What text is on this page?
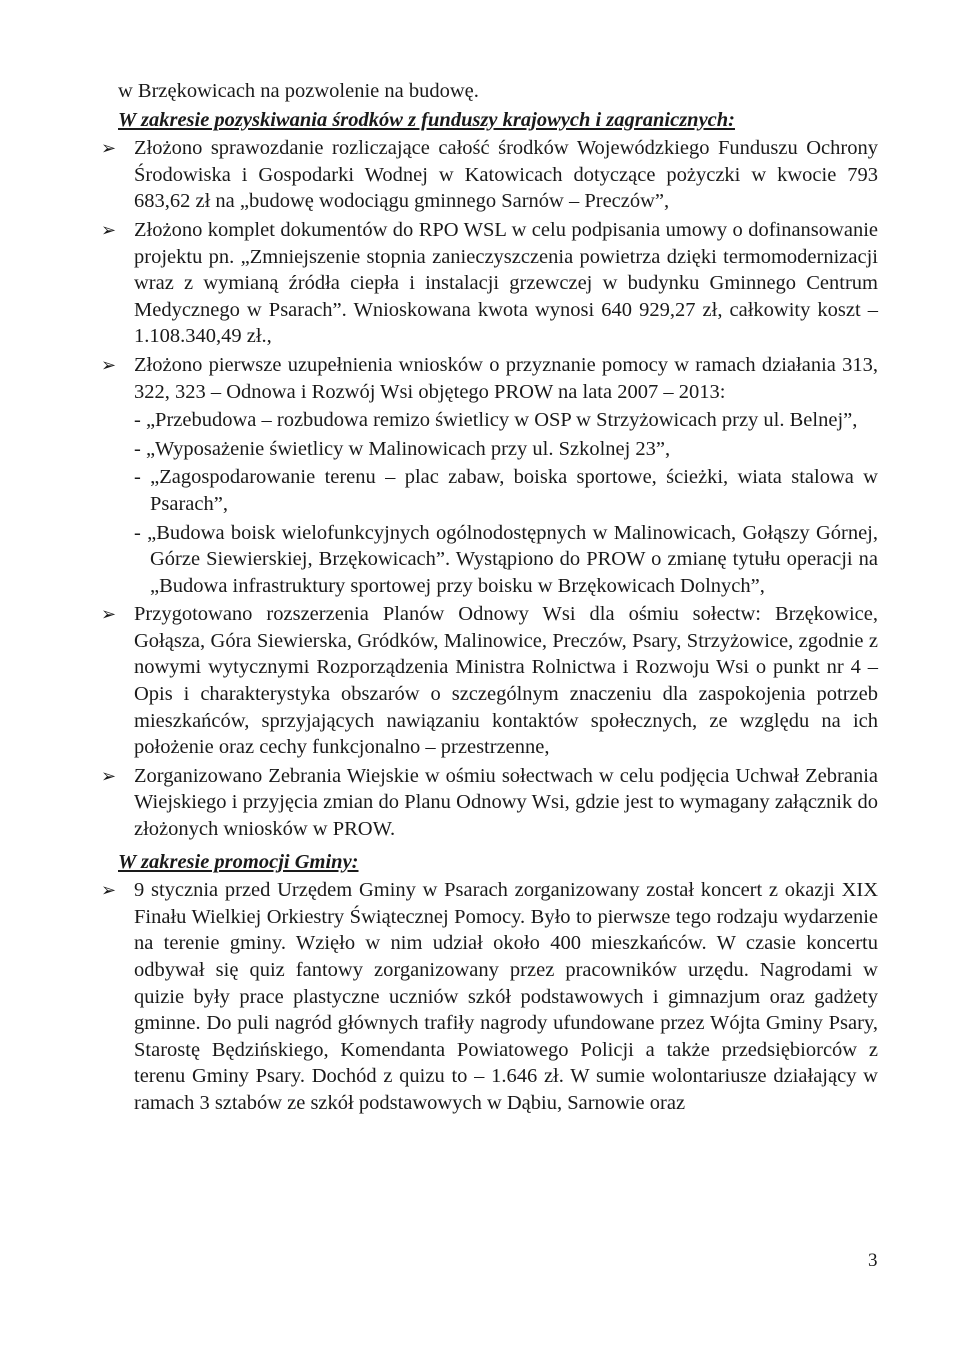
w Brzękowicach na pozwolenie na budowę.

W zakresie pozyskiwania środków z funduszy krajowych i zagranicznych:

➢ Złożono sprawozdanie rozliczające całość środków Wojewódzkiego Funduszu Ochrony Środowiska i Gospodarki Wodnej w Katowicach dotyczące pożyczki w kwocie 793 683,62 zł na „budowę wodociągu gminnego Sarnów – Preczów”,

➢ Złożono komplet dokumentów do RPO WSL w celu podpisania umowy o dofinansowanie projektu pn. „Zmniejszenie stopnia zanieczyszczenia powietrza dzięki termomodernizacji wraz z wymianą źródła ciepła i instalacji grzewczej w budynku Gminnego Centrum Medycznego w Psarach”. Wnioskowana kwota wynosi 640 929,27 zł, całkowity koszt – 1.108.340,49 zł.,

➢ Złożono pierwsze uzupełnienia wniosków o przyznanie pomocy w ramach działania 313, 322, 323 – Odnowa i Rozwój Wsi objętego PROW na lata 2007 – 2013:

- „Przebudowa – rozbudowa remizo świetlicy w OSP w Strzyżowicach przy ul. Belnej”,

- „Wyposażenie świetlicy w Malinowicach przy ul. Szkolnej 23”,

- „Zagospodarowanie terenu – plac zabaw, boiska sportowe, ścieżki, wiata stalowa w Psarach”,

- „Budowa boisk wielofunkcyjnych ogólnodostępnych w Malinowicach, Gołąszy Górnej, Górze Siewierskiej, Brzękowicach”. Wystąpiono do PROW o zmianę tytułu operacji na „Budowa infrastruktury sportowej przy boisku w Brzękowicach Dolnych”,

➢ Przygotowano rozszerzenia Planów Odnowy Wsi dla ośmiu sołectw: Brzękowice, Gołąsza, Góra Siewierska, Gródków, Malinowice, Preczów, Psary, Strzyżowice, zgodnie z nowymi wytycznymi Rozporządzenia Ministra Rolnictwa i Rozwoju Wsi o punkt nr 4 – Opis i charakterystyka obszarów o szczególnym znaczeniu dla zaspokojenia potrzeb mieszkańców, sprzyjających nawiązaniu kontaktów społecznych, ze względu na ich położenie oraz cechy funkcjonalno – przestrzenne,

➢ Zorganizowano Zebrania Wiejskie w ośmiu sołectwach w celu podjęcia Uchwał Zebrania Wiejskiego i przyjęcia zmian do Planu Odnowy Wsi, gdzie jest to wymagany załącznik do złożonych wniosków w PROW.

W zakresie promocji Gminy:

➢ 9 stycznia przed Urzędem Gminy w Psarach zorganizowany został koncert z okazji XIX Finału Wielkiej Orkiestry Świątecznej Pomocy. Było to pierwsze tego rodzaju wydarzenie na terenie gminy. Wzięło w nim udział około 400 mieszkańców. W czasie koncertu odbywał się quiz fantowy zorganizowany przez pracowników urzędu. Nagrodami w quizie były prace plastyczne uczniów szkół podstawowych i gimnazjum oraz gadżety gminne. Do puli nagród głównych trafiły nagrody ufundowane przez Wójta Gminy Psary, Starostę Będzińskiego, Komendanta Powiatowego Policji a także przedsiębiorców z terenu Gminy Psary. Dochód z quizu to – 1.646 zł. W sumie wolontariusze działający w ramach 3 sztabów ze szkół podstawowych w Dąbiu, Sarnowie oraz

3
